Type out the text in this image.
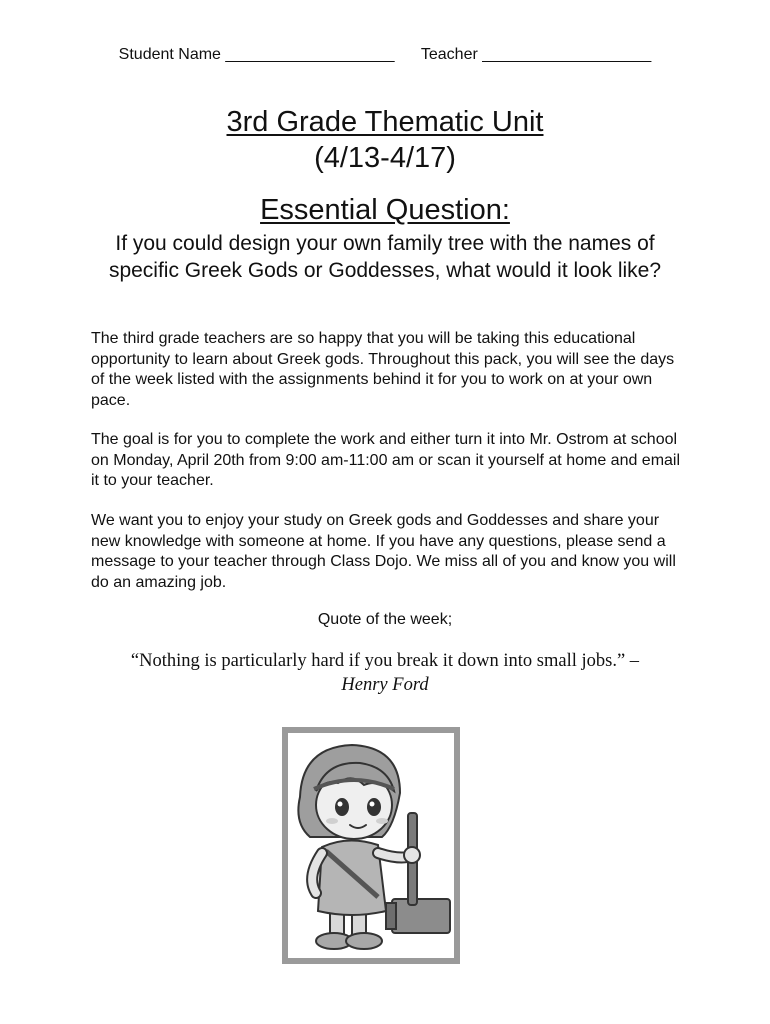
Student Name ___________________ Teacher ___________________
3rd Grade Thematic Unit
(4/13-4/17)
Essential Question:
If you could design your own family tree with the names of specific Greek Gods or Goddesses, what would it look like?

The third grade teachers are so happy that you will be taking this educational opportunity to learn about Greek gods. Throughout this pack, you will see the days of the week listed with the assignments behind it for you to work on at your own pace.

The goal is for you to complete the work and either turn it into Mr. Ostrom at school on Monday, April 20th from 9:00 am-11:00 am or scan it yourself at home and email it to your teacher.

We want you to enjoy your study on Greek gods and Goddesses and share your new knowledge with someone at home. If you have any questions, please send a message to your teacher through Class Dojo. We miss all of you and know you will do an amazing job.

Quote of the week;
“Nothing is particularly hard if you break it down into small jobs.” –
Henry Ford
